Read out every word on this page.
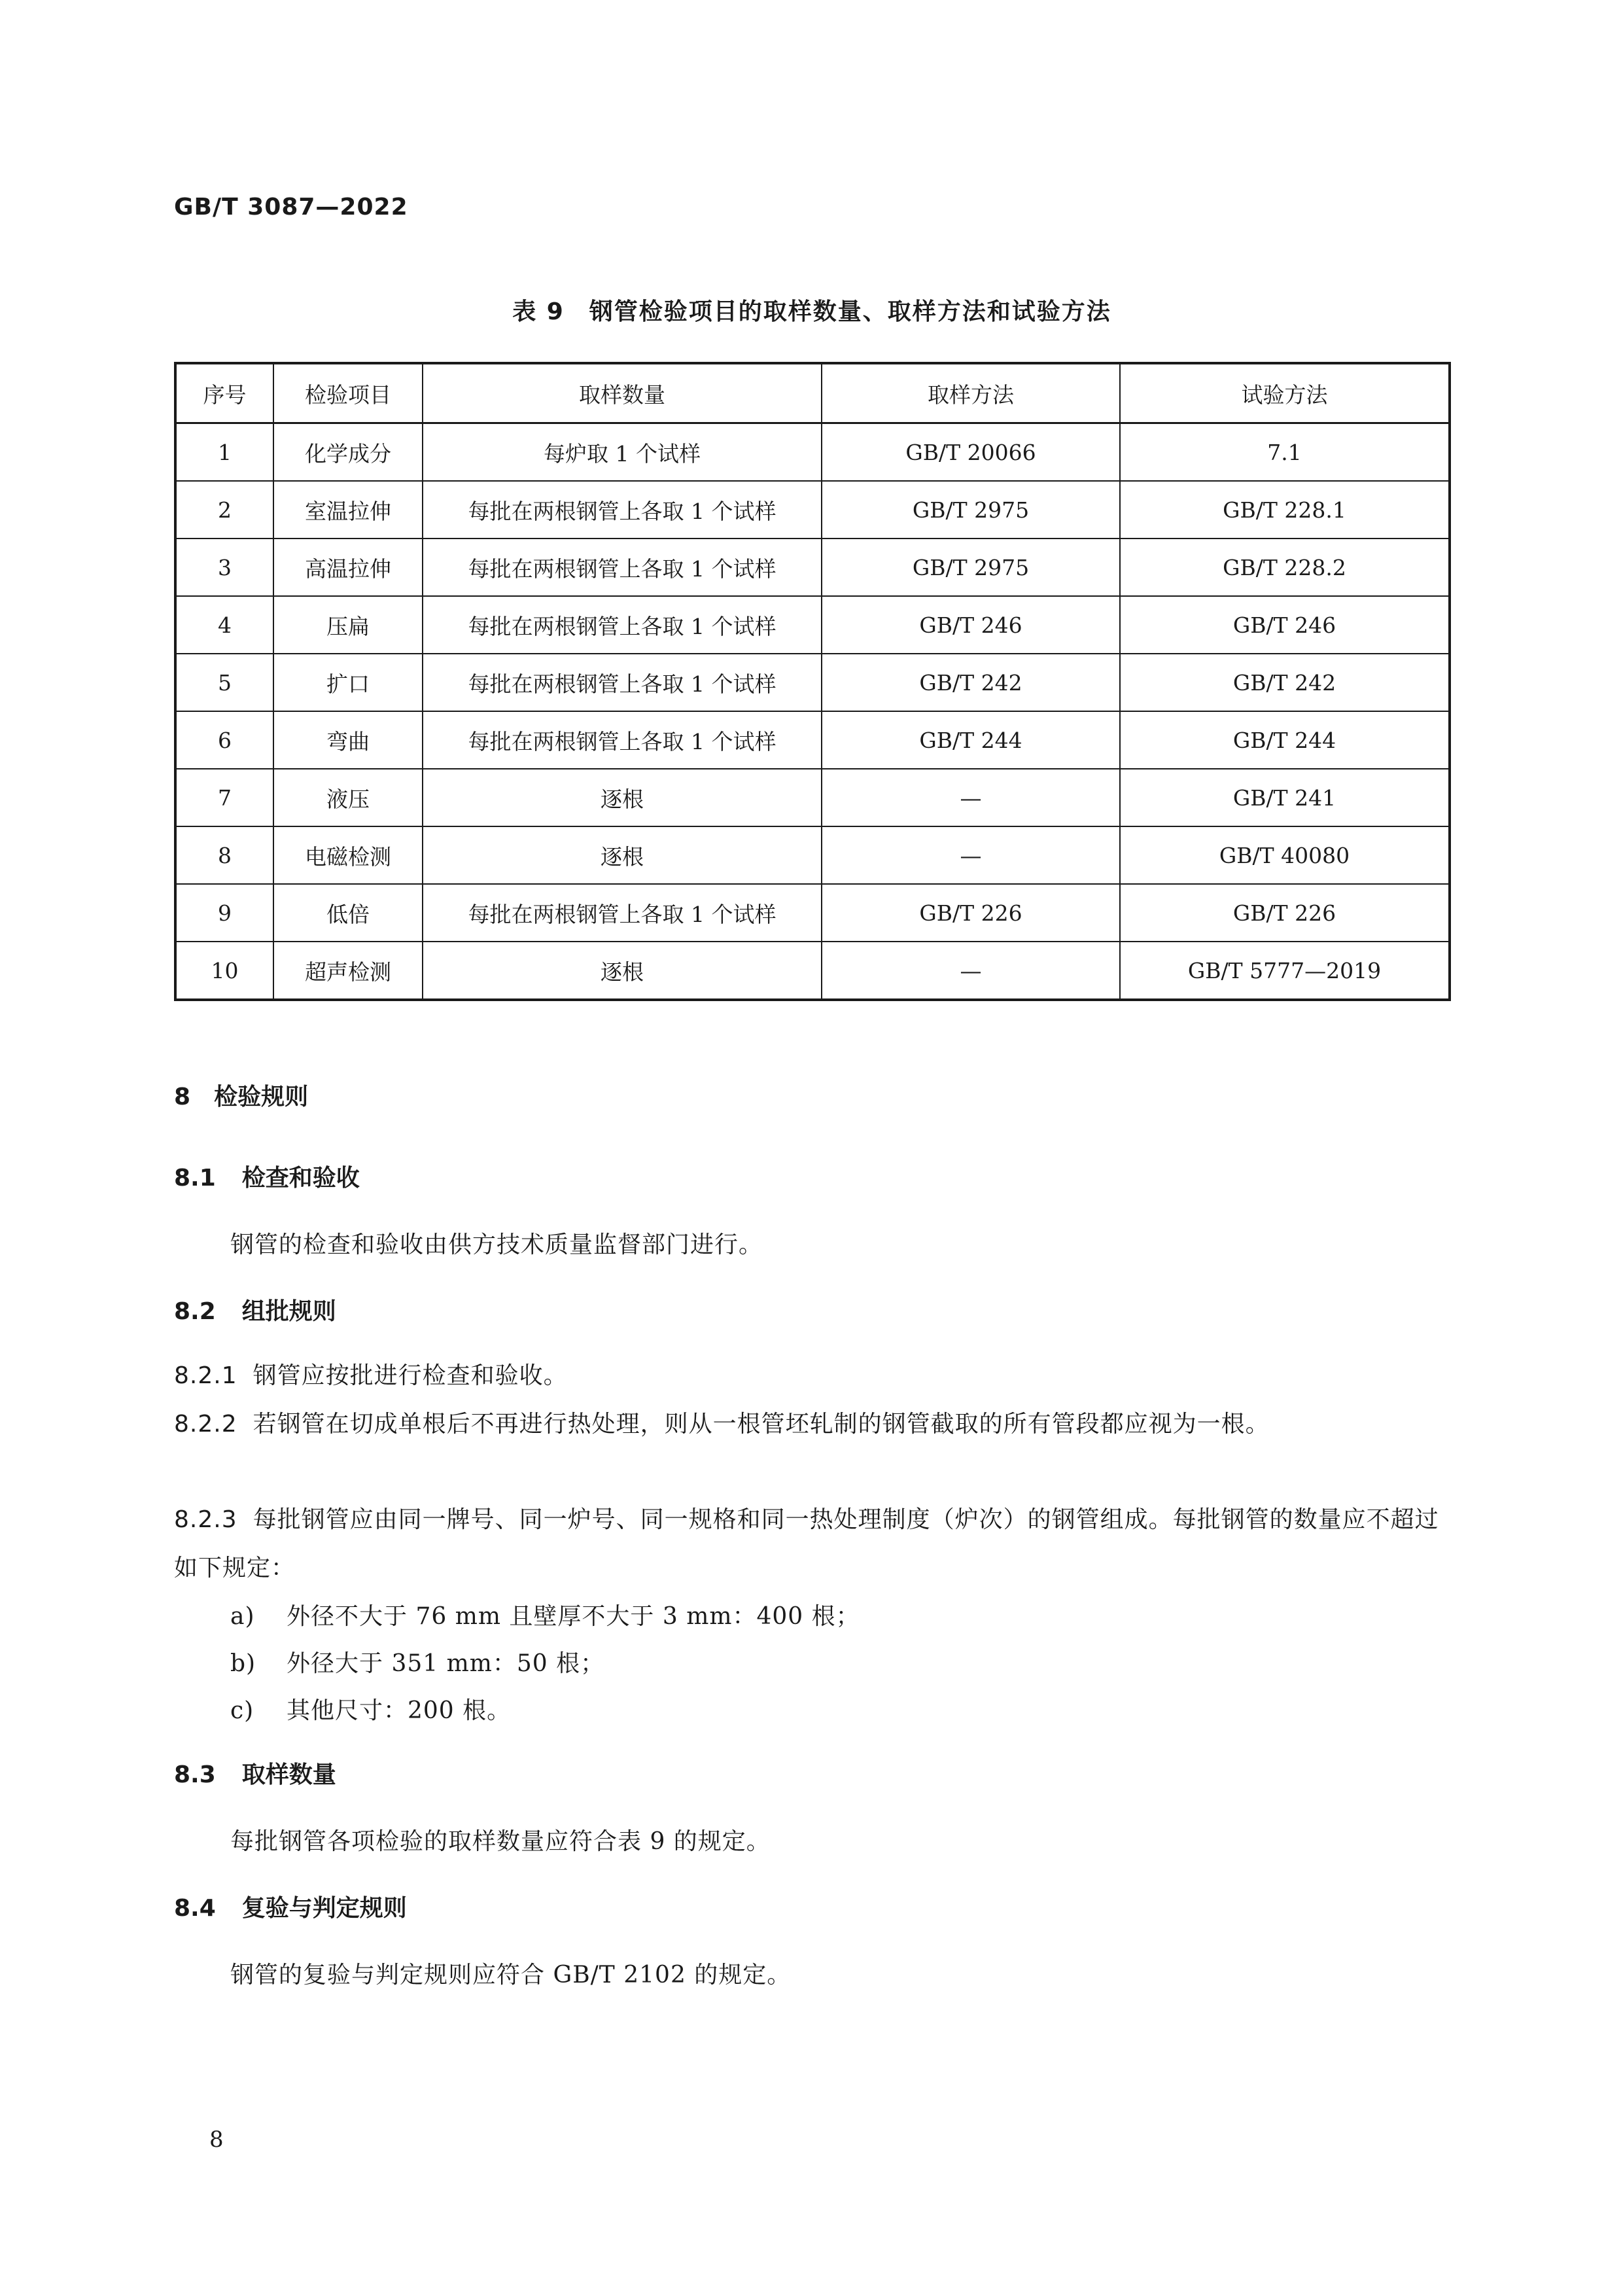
GB/T 3087—2022
表 9　钢管检验项目的取样数量、取样方法和试验方法
序号	检验项目	取样数量	取样方法	试验方法
1	化学成分	每炉取 1 个试样	GB/T 20066	7.1
2	室温拉伸	每批在两根钢管上各取 1 个试样	GB/T 2975	GB/T 228.1
3	高温拉伸	每批在两根钢管上各取 1 个试样	GB/T 2975	GB/T 228.2
4	压扁	每批在两根钢管上各取 1 个试样	GB/T 246	GB/T 246
5	扩口	每批在两根钢管上各取 1 个试样	GB/T 242	GB/T 242
6	弯曲	每批在两根钢管上各取 1 个试样	GB/T 244	GB/T 244
7	液压	逐根	—	GB/T 241
8	电磁检测	逐根	—	GB/T 40080
9	低倍	每批在两根钢管上各取 1 个试样	GB/T 226	GB/T 226
10	超声检测	逐根	—	GB/T 5777—2019
8 检验规则
8.1 检查和验收
钢管的检查和验收由供方技术质量监督部门进行。
8.2 组批规则
8.2.1 钢管应按批进行检查和验收。
8.2.2 若钢管在切成单根后不再进行热处理，则从一根管坯轧制的钢管截取的所有管段都应视为一根。
8.2.3 每批钢管应由同一牌号、同一炉号、同一规格和同一热处理制度（炉次）的钢管组成。每批钢管的数量应不超过如下规定：
a) 外径不大于 76 mm 且壁厚不大于 3 mm：400 根；
b) 外径大于 351 mm：50 根；
c) 其他尺寸：200 根。
8.3 取样数量
每批钢管各项检验的取样数量应符合表 9 的规定。
8.4 复验与判定规则
钢管的复验与判定规则应符合 GB/T 2102 的规定。
8
